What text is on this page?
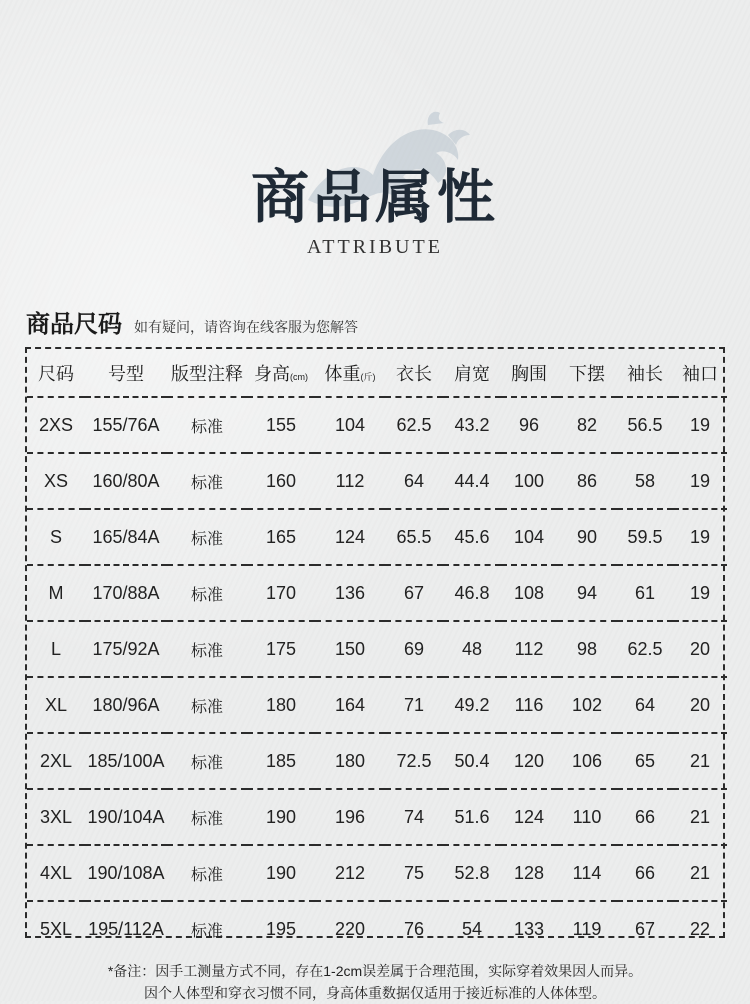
商品属性
ATTRIBUTE
商品尺码 如有疑问，请咨询在线客服为您解答
尺码	号型	版型注释	身高(cm)	体重(斤)	衣长	肩宽	胸围	下摆	袖长	袖口
2XS	155/76A	标准	155	104	62.5	43.2	96	82	56.5	19
XS	160/80A	标准	160	112	64	44.4	100	86	58	19
S	165/84A	标准	165	124	65.5	45.6	104	90	59.5	19
M	170/88A	标准	170	136	67	46.8	108	94	61	19
L	175/92A	标准	175	150	69	48	112	98	62.5	20
XL	180/96A	标准	180	164	71	49.2	116	102	64	20
2XL	185/100A	标准	185	180	72.5	50.4	120	106	65	21
3XL	190/104A	标准	190	196	74	51.6	124	110	66	21
4XL	190/108A	标准	190	212	75	52.8	128	114	66	21
5XL	195/112A	标准	195	220	76	54	133	119	67	22
*备注：因手工测量方式不同，存在1-2cm误差属于合理范围，实际穿着效果因人而异。
因个人体型和穿衣习惯不同，身高体重数据仅适用于接近标准的人体体型。
